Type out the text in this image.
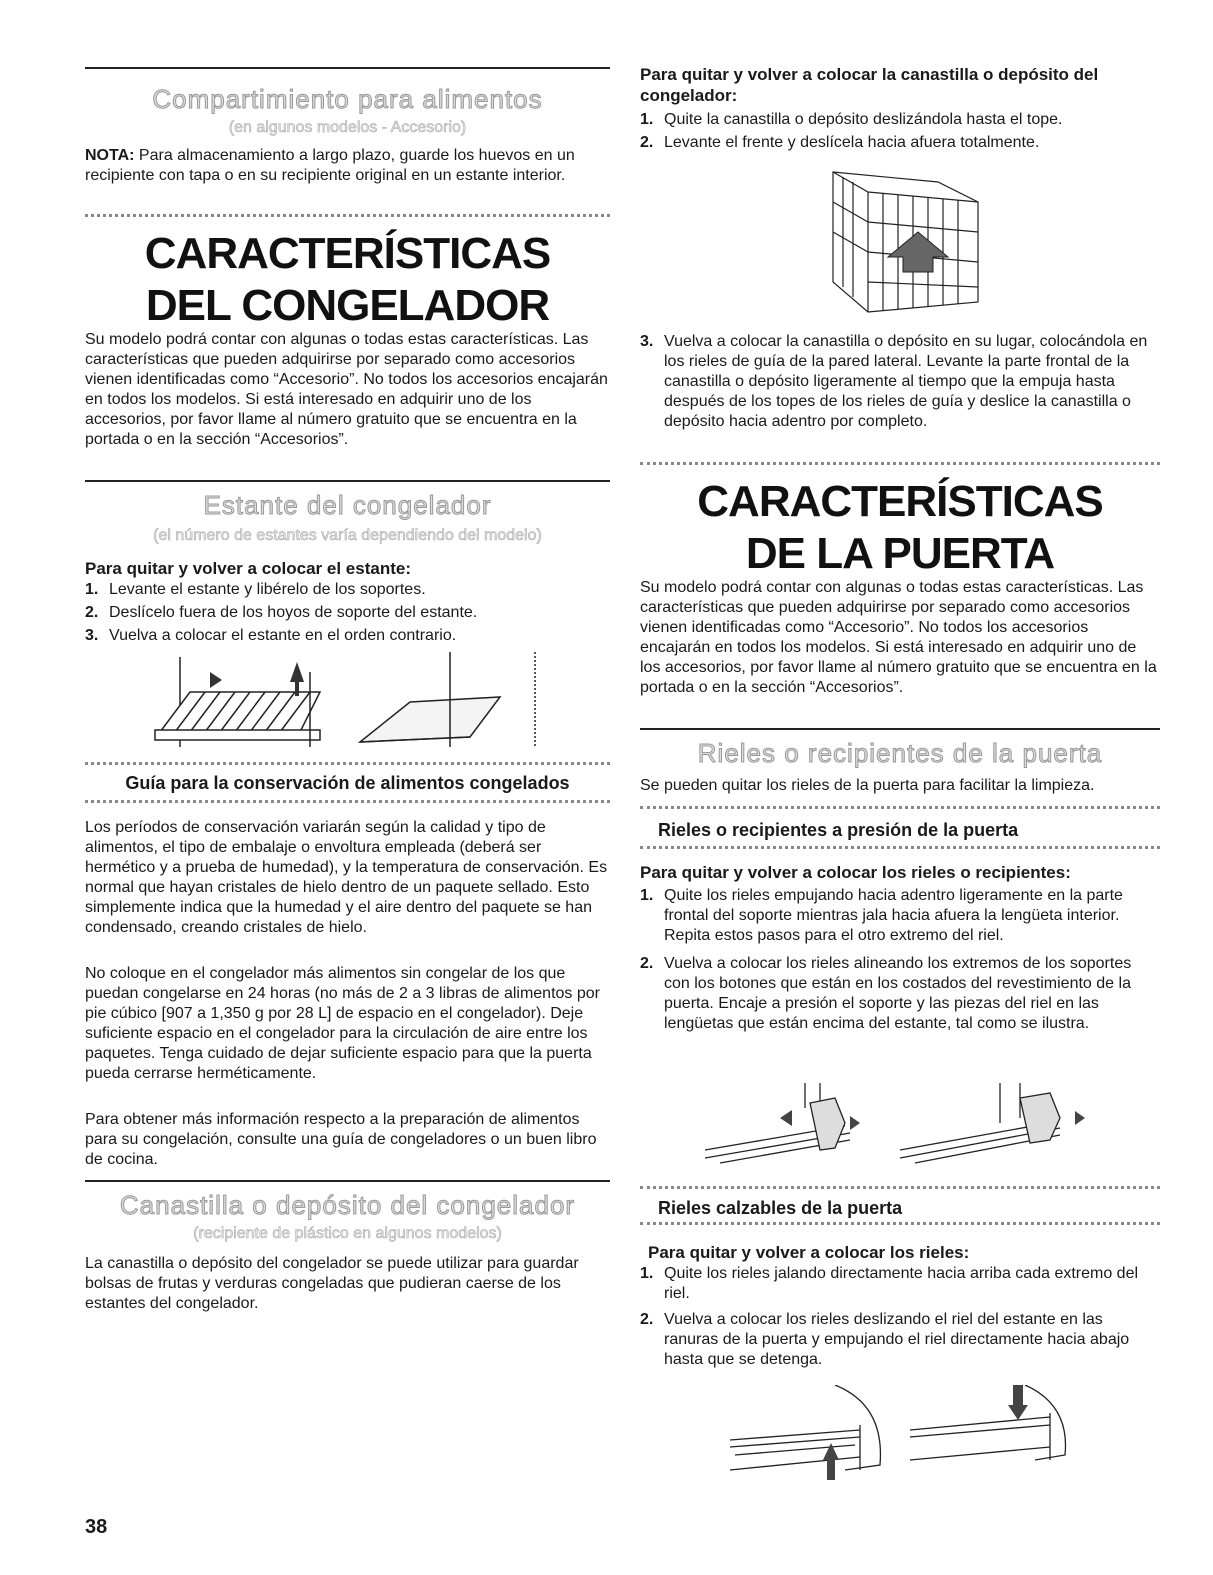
Compartimiento para alimentos
(en algunos modelos - Accesorio)

NOTA: Para almacenamiento a largo plazo, guarde los huevos en un recipiente con tapa o en su recipiente original en un estante interior.

CARACTERÍSTICAS
DEL CONGELADOR

Su modelo podrá contar con algunas o todas estas características. Las características que pueden adquirirse por separado como accesorios vienen identificadas como “Accesorio”. No todos los accesorios encajarán en todos los modelos. Si está interesado en adquirir uno de los accesorios, por favor llame al número gratuito que se encuentra en la portada o en la sección “Accesorios”.

Estante del congelador
(el número de estantes varía dependiendo del modelo)
Para quitar y volver a colocar el estante:
1. Levante el estante y libérelo de los soportes.
2. Deslícelo fuera de los hoyos de soporte del estante.
3. Vuelva a colocar el estante en el orden contrario.
Guía para la conservación de alimentos congelados

Los períodos de conservación variarán según la calidad y tipo de alimentos, el tipo de embalaje o envoltura empleada (deberá ser hermético y a prueba de humedad), y la temperatura de conservación. Es normal que hayan cristales de hielo dentro de un paquete sellado. Esto simplemente indica que la humedad y el aire dentro del paquete se han condensado, creando cristales de hielo.

No coloque en el congelador más alimentos sin congelar de los que puedan congelarse en 24 horas (no más de 2 a 3 libras de alimentos por pie cúbico [907 a 1,350 g por 28 L] de espacio en el congelador). Deje suficiente espacio en el congelador para la circulación de aire entre los paquetes. Tenga cuidado de dejar suficiente espacio para que la puerta pueda cerrarse herméticamente.

Para obtener más información respecto a la preparación de alimentos para su congelación, consulte una guía de congeladores o un buen libro de cocina.

Canastilla o depósito del congelador
(recipiente de plástico en algunos modelos)

La canastilla o depósito del congelador se puede utilizar para guardar bolsas de frutas y verduras congeladas que pudieran caerse de los estantes del congelador.

38
Para quitar y volver a colocar la canastilla o depósito del congelador:
1. Quite la canastilla o depósito deslizándola hasta el tope.
2. Levante el frente y deslícela hacia afuera totalmente.
3. Vuelva a colocar la canastilla o depósito en su lugar, colocándola en los rieles de guía de la pared lateral. Levante la parte frontal de la canastilla o depósito ligeramente al tiempo que la empuja hasta después de los topes de los rieles de guía y deslice la canastilla o depósito hacia adentro por completo.
CARACTERÍSTICAS
DE LA PUERTA

Su modelo podrá contar con algunas o todas estas características. Las características que pueden adquirirse por separado como accesorios vienen identificadas como “Accesorio”. No todos los accesorios encajarán en todos los modelos. Si está interesado en adquirir uno de los accesorios, por favor llame al número gratuito que se encuentra en la portada o en la sección “Accesorios”.

Rieles o recipientes de la puerta

Se pueden quitar los rieles de la puerta para facilitar la limpieza.

Rieles o recipientes a presión de la puerta
Para quitar y volver a colocar los rieles o recipientes:
1. Quite los rieles empujando hacia adentro ligeramente en la parte frontal del soporte mientras jala hacia afuera la lengüeta interior. Repita estos pasos para el otro extremo del riel.
2. Vuelva a colocar los rieles alineando los extremos de los soportes con los botones que están en los costados del revestimiento de la puerta. Encaje a presión el soporte y las piezas del riel en las lengüetas que están encima del estante, tal como se ilustra.
Rieles calzables de la puerta
Para quitar y volver a colocar los rieles:
1. Quite los rieles jalando directamente hacia arriba cada extremo del riel.
2. Vuelva a colocar los rieles deslizando el riel del estante en las ranuras de la puerta y empujando el riel directamente hacia abajo hasta que se detenga.
